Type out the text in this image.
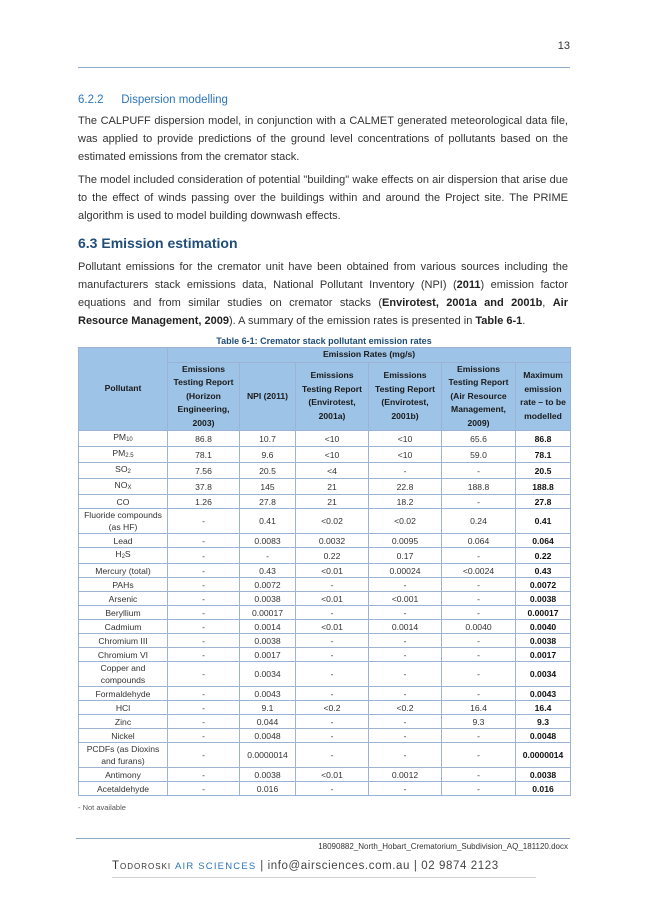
13
6.2.2 Dispersion modelling

The CALPUFF dispersion model, in conjunction with a CALMET generated meteorological data file, was applied to provide predictions of the ground level concentrations of pollutants based on the estimated emissions from the cremator stack.

The model included consideration of potential "building" wake effects on air dispersion that arise due to the effect of winds passing over the buildings within and around the Project site. The PRIME algorithm is used to model building downwash effects.

6.3 Emission estimation

Pollutant emissions for the cremator unit have been obtained from various sources including the manufacturers stack emissions data, National Pollutant Inventory (NPI) (2011) emission factor equations and from similar studies on cremator stacks (Envirotest, 2001a and 2001b, Air Resource Management, 2009). A summary of the emission rates is presented in Table 6-1.

Table 6-1: Cremator stack pollutant emission rates
Pollutant	Emission Rates (mg/s)					
	Emissions Testing Report (Horizon Engineering, 2003)	NPI (2011)	Emissions Testing Report (Envirotest, 2001a)	Emissions Testing Report (Envirotest, 2001b)	Emissions Testing Report (Air Resource Management, 2009)	Maximum emission rate – to be modelled
$PM_{10}$	86.8	10.7	<10	<10	65.6	86.8
$PM_{2.5}$	78.1	9.6	<10	<10	59.0	78.1
$SO_2$	7.56	20.5	<4	-	-	20.5
$NO_X$	37.8	145	21	22.8	188.8	188.8
CO	1.26	27.8	21	18.2	-	27.8
Fluoride compounds (as HF)	-	0.41	<0.02	<0.02	0.24	0.41
Lead	-	0.0083	0.0032	0.0095	0.064	0.064
$H_2S$	-	-	0.22	0.17	-	0.22
Mercury (total)	-	0.43	<0.01	0.00024	<0.0024	0.43
PAHs	-	0.0072	-	-	-	0.0072
Arsenic	-	0.0038	<0.01	<0.001	-	0.0038
Beryllium	-	0.00017	-	-	-	0.00017
Cadmium	-	0.0014	<0.01	0.0014	0.0040	0.0040
Chromium III	-	0.0038	-	-	-	0.0038
Chromium VI	-	0.0017	-	-	-	0.0017
Copper and compounds	-	0.0034	-	-	-	0.0034
Formaldehyde	-	0.0043	-	-	-	0.0043
HCl	-	9.1	<0.2	<0.2	16.4	16.4
Zinc	-	0.044	-	-	9.3	9.3
Nickel	-	0.0048	-	-	-	0.0048
PCDFs (as Dioxins and furans)	-	0.0000014	-	-	-	0.0000014
Antimony	-	0.0038	<0.01	0.0012	-	0.0038
Acetaldehyde	-	0.016	-	-	-	0.016
- Not available
18090882_North_Hobart_Crematorium_Subdivision_AQ_181120.docx
Todoroski AIR SCIENCES | info@airsciences.com.au | 02 9874 2123
